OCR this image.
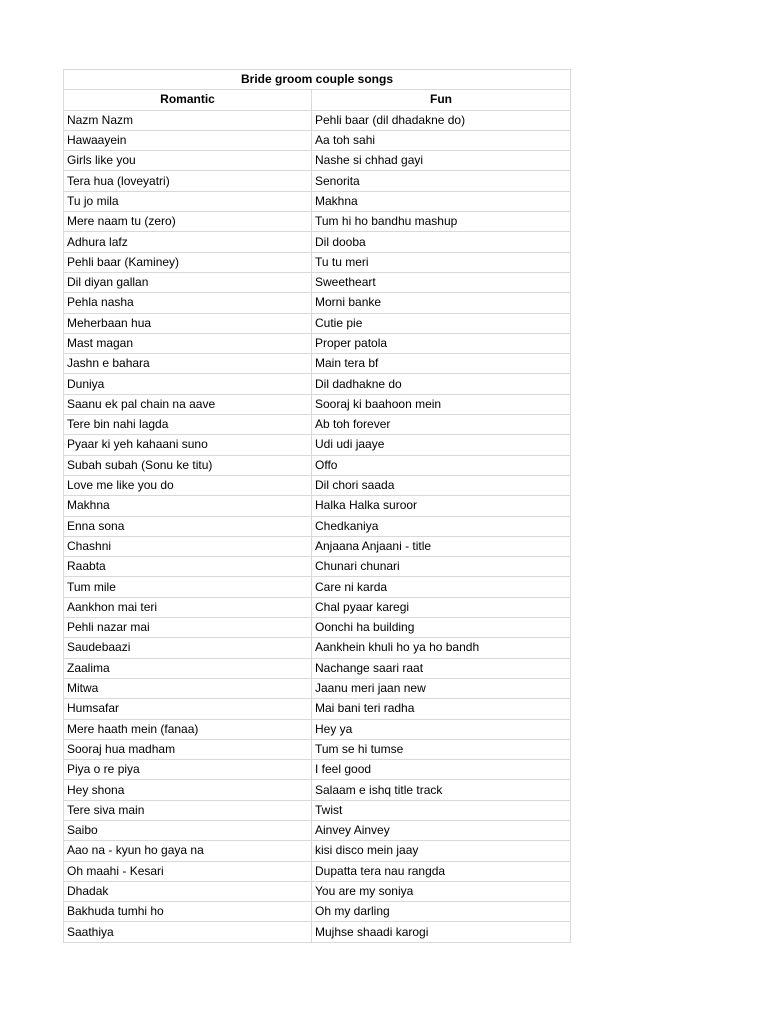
Bride groom couple songs	
Romantic	Fun
Nazm Nazm	Pehli baar (dil dhadakne do)
Hawaayein	Aa toh sahi
Girls like you	Nashe si chhad gayi
Tera hua (loveyatri)	Senorita
Tu jo mila	Makhna
Mere naam tu (zero)	Tum hi ho bandhu mashup
Adhura lafz	Dil dooba
Pehli baar (Kaminey)	Tu tu meri
Dil diyan gallan	Sweetheart
Pehla nasha	Morni banke
Meherbaan hua	Cutie pie
Mast magan	Proper patola
Jashn e bahara	Main tera bf
Duniya	Dil dadhakne do
Saanu ek pal chain na aave	Sooraj ki baahoon mein
Tere bin nahi lagda	Ab toh forever
Pyaar ki yeh kahaani suno	Udi udi jaaye
Subah subah (Sonu ke titu)	Offo
Love me like you do	Dil chori saada
Makhna	Halka Halka suroor
Enna sona	Chedkaniya
Chashni	Anjaana Anjaani - title
Raabta	Chunari chunari
Tum mile	Care ni karda
Aankhon mai teri	Chal pyaar karegi
Pehli nazar mai	Oonchi ha building
Saudebaazi	Aankhein khuli ho ya ho bandh
Zaalima	Nachange saari raat
Mitwa	Jaanu meri jaan new
Humsafar	Mai bani teri radha
Mere haath mein (fanaa)	Hey ya
Sooraj hua madham	Tum se hi tumse
Piya o re piya	I feel good
Hey shona	Salaam e ishq title track
Tere siva main	Twist
Saibo	Ainvey Ainvey
Aao na - kyun ho gaya na	kisi disco mein jaay
Oh maahi - Kesari	Dupatta tera nau rangda
Dhadak	You are my soniya
Bakhuda tumhi ho	Oh my darling
Saathiya	Mujhse shaadi karogi
